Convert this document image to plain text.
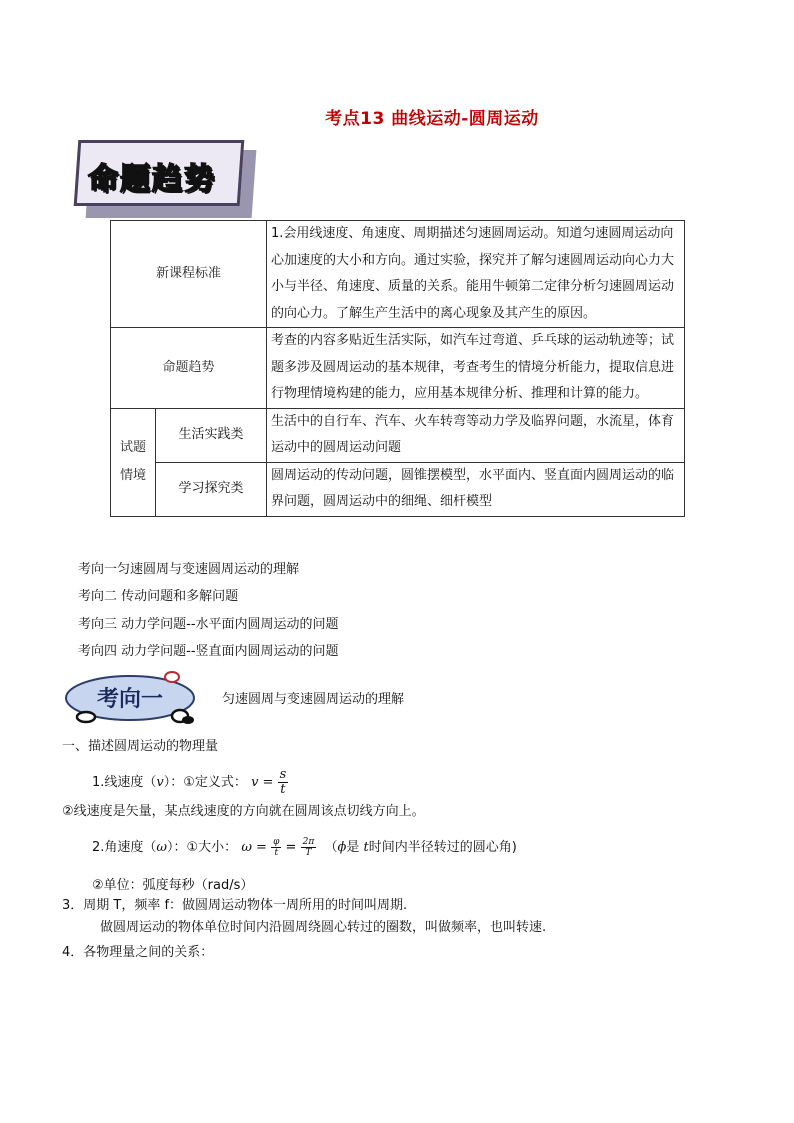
考点13 曲线运动-圆周运动
命题趋势
新课程标准		1.会用线速度、角速度、周期描述匀速圆周运动。知道匀速圆周运动向心加速度的大小和方向。通过实验，探究并了解匀速圆周运动向心力大小与半径、角速度、质量的关系。能用牛顿第二定律分析匀速圆周运动的向心力。了解生产生活中的离心现象及其产生的原因。
命题趋势		考查的内容多贴近生活实际，如汽车过弯道、乒乓球的运动轨迹等；试题多涉及圆周运动的基本规律，考查考生的情境分析能力，提取信息进行物理情境构建的能力，应用基本规律分析、推理和计算的能力。
试题
情境	生活实践类	生活中的自行车、汽车、火车转弯等动力学及临界问题，水流星，体育运动中的圆周运动问题
	学习探究类	圆周运动的传动问题，圆锥摆模型，水平面内、竖直面内圆周运动的临界问题，圆周运动中的细绳、细杆模型
考向一匀速圆周与变速圆周运动的理解
考向二 传动问题和多解问题
考向三 动力学问题--水平面内圆周运动的问题
考向四 动力学问题--竖直面内圆周运动的问题
考向一	匀速圆周与变速圆周运动的理解
一、描述圆周运动的物理量
1.线速度（v）：①定义式： $v = \frac{s}{t}$
②线速度是矢量，某点线速度的方向就在圆周该点切线方向上。
2.角速度（ω）：①大小： $\omega = \frac{\varphi}{t} = \frac{2\pi}{T} (\phi$是 t时间内半径转过的圆心角)
②单位：弧度每秒（rad/s）
3．周期 T，频率 f：做圆周运动物体一周所用的时间叫周期.
做圆周运动的物体单位时间内沿圆周绕圆心转过的圈数，叫做频率，也叫转速.
4．各物理量之间的关系：
